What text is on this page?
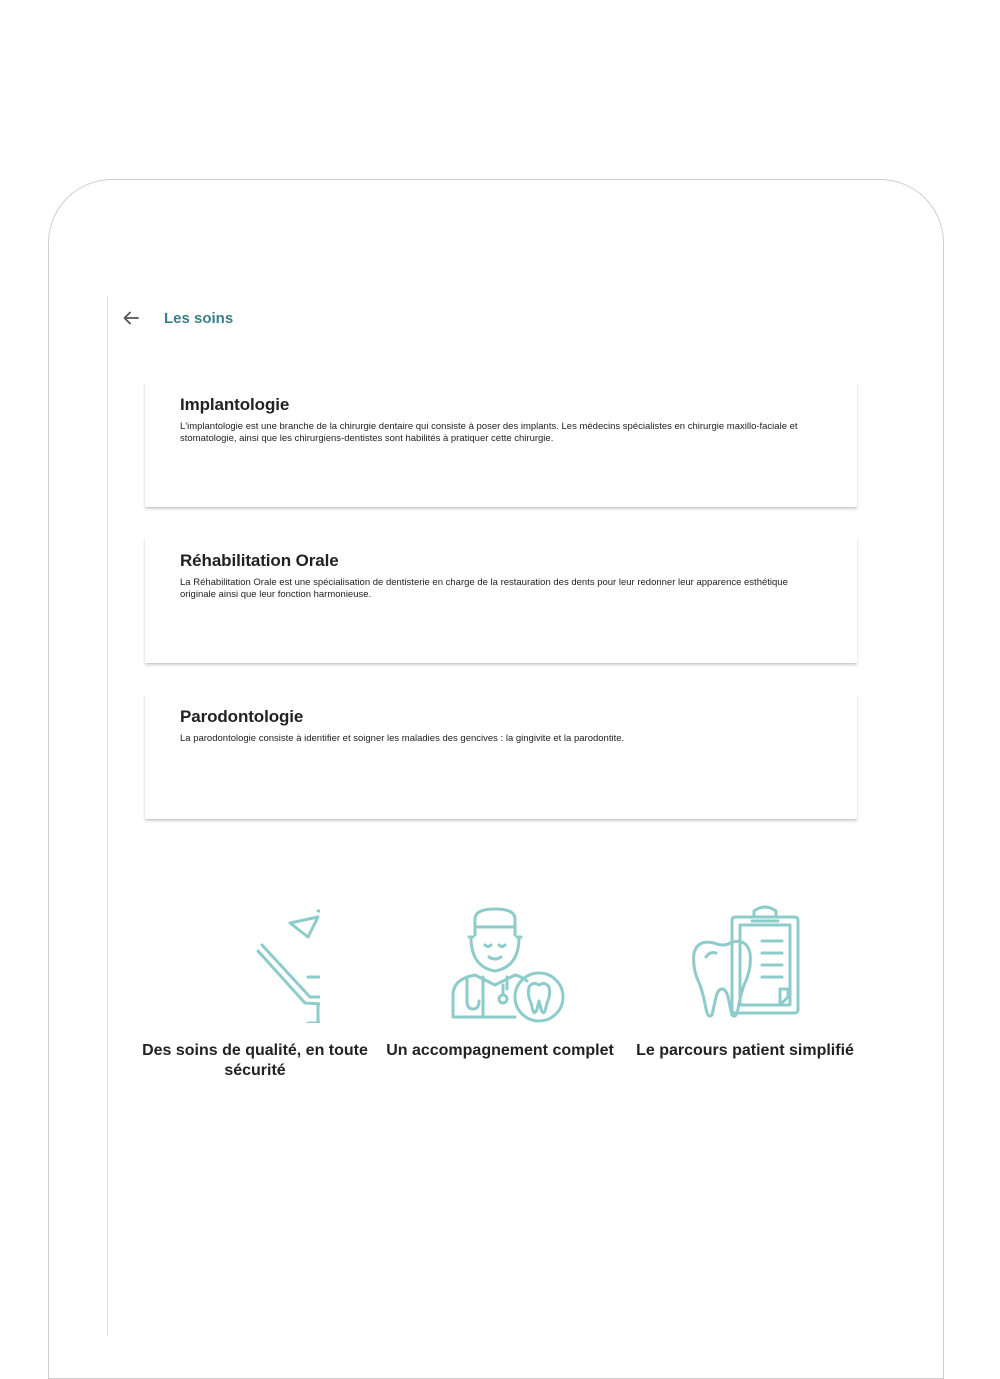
Les soins
Implantologie

L'implantologie est une branche de la chirurgie dentaire qui consiste à poser des implants. Les médecins spécialistes en chirurgie maxillo-faciale et stomatologie, ainsi que les chirurgiens-dentistes sont habilités à pratiquer cette chirurgie.

Réhabilitation Orale

La Réhabilitation Orale est une spécialisation de dentisterie en charge de la restauration des dents pour leur redonner leur apparence esthétique originale ainsi que leur fonction harmonieuse.

Parodontologie

La parodontologie consiste à identifier et soigner les maladies des gencives : la gingivite et la parodontite.

Des soins de qualité, en toute sécurité
Un accompagnement complet	Le parcours patient simplifié
